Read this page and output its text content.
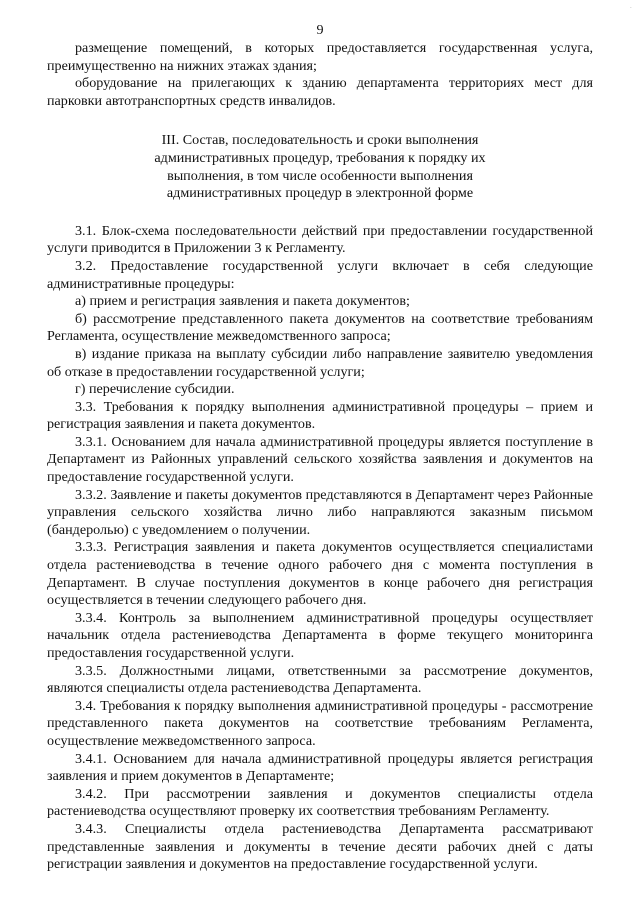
·
9

размещение помещений, в которых предоставляется государственная услуга, преимущественно на нижних этажах здания;

оборудование на прилегающих к зданию департамента территориях мест для парковки автотранспортных средств инвалидов.

III. Состав, последовательность и сроки выполнения
административных процедур, требования к порядку их
выполнения, в том числе особенности выполнения
административных процедур в электронной форме

3.1. Блок-схема последовательности действий при предоставлении государственной услуги приводится в Приложении 3 к Регламенту.

3.2. Предоставление государственной услуги включает в себя следующие административные процедуры:

а) прием и регистрация заявления и пакета документов;

б) рассмотрение представленного пакета документов на соответствие требованиям Регламента, осуществление межведомственного запроса;

в) издание приказа на выплату субсидии либо направление заявителю уведомления об отказе в предоставлении государственной услуги;

г) перечисление субсидии.

3.3. Требования к порядку выполнения административной процедуры – прием и регистрация заявления и пакета документов.

3.3.1. Основанием для начала административной процедуры является поступление в Департамент из Районных управлений сельского хозяйства заявления и документов на предоставление государственной услуги.

3.3.2. Заявление и пакеты документов представляются в Департамент через Районные управления сельского хозяйства лично либо направляются заказным письмом (бандеролью) с уведомлением о получении.

3.3.3. Регистрация заявления и пакета документов осуществляется специалистами отдела растениеводства в течение одного рабочего дня с момента поступления в Департамент. В случае поступления документов в конце рабочего дня регистрация осуществляется в течении следующего рабочего дня.

3.3.4. Контроль за выполнением административной процедуры осуществляет начальник отдела растениеводства Департамента в форме текущего мониторинга предоставления государственной услуги.

3.3.5. Должностными лицами, ответственными за рассмотрение документов, являются специалисты отдела растениеводства Департамента.

3.4. Требования к порядку выполнения административной процедуры - рассмотрение представленного пакета документов на соответствие требованиям Регламента, осуществление межведомственного запроса.

3.4.1. Основанием для начала административной процедуры является регистрация заявления и прием документов в Департаменте;

3.4.2. При рассмотрении заявления и документов специалисты отдела растениеводства осуществляют проверку их соответствия требованиям Регламенту.

3.4.3. Специалисты отдела растениеводства Департамента рассматривают представленные заявления и документы в течение десяти рабочих дней с даты регистрации заявления и документов на предоставление государственной услуги.
